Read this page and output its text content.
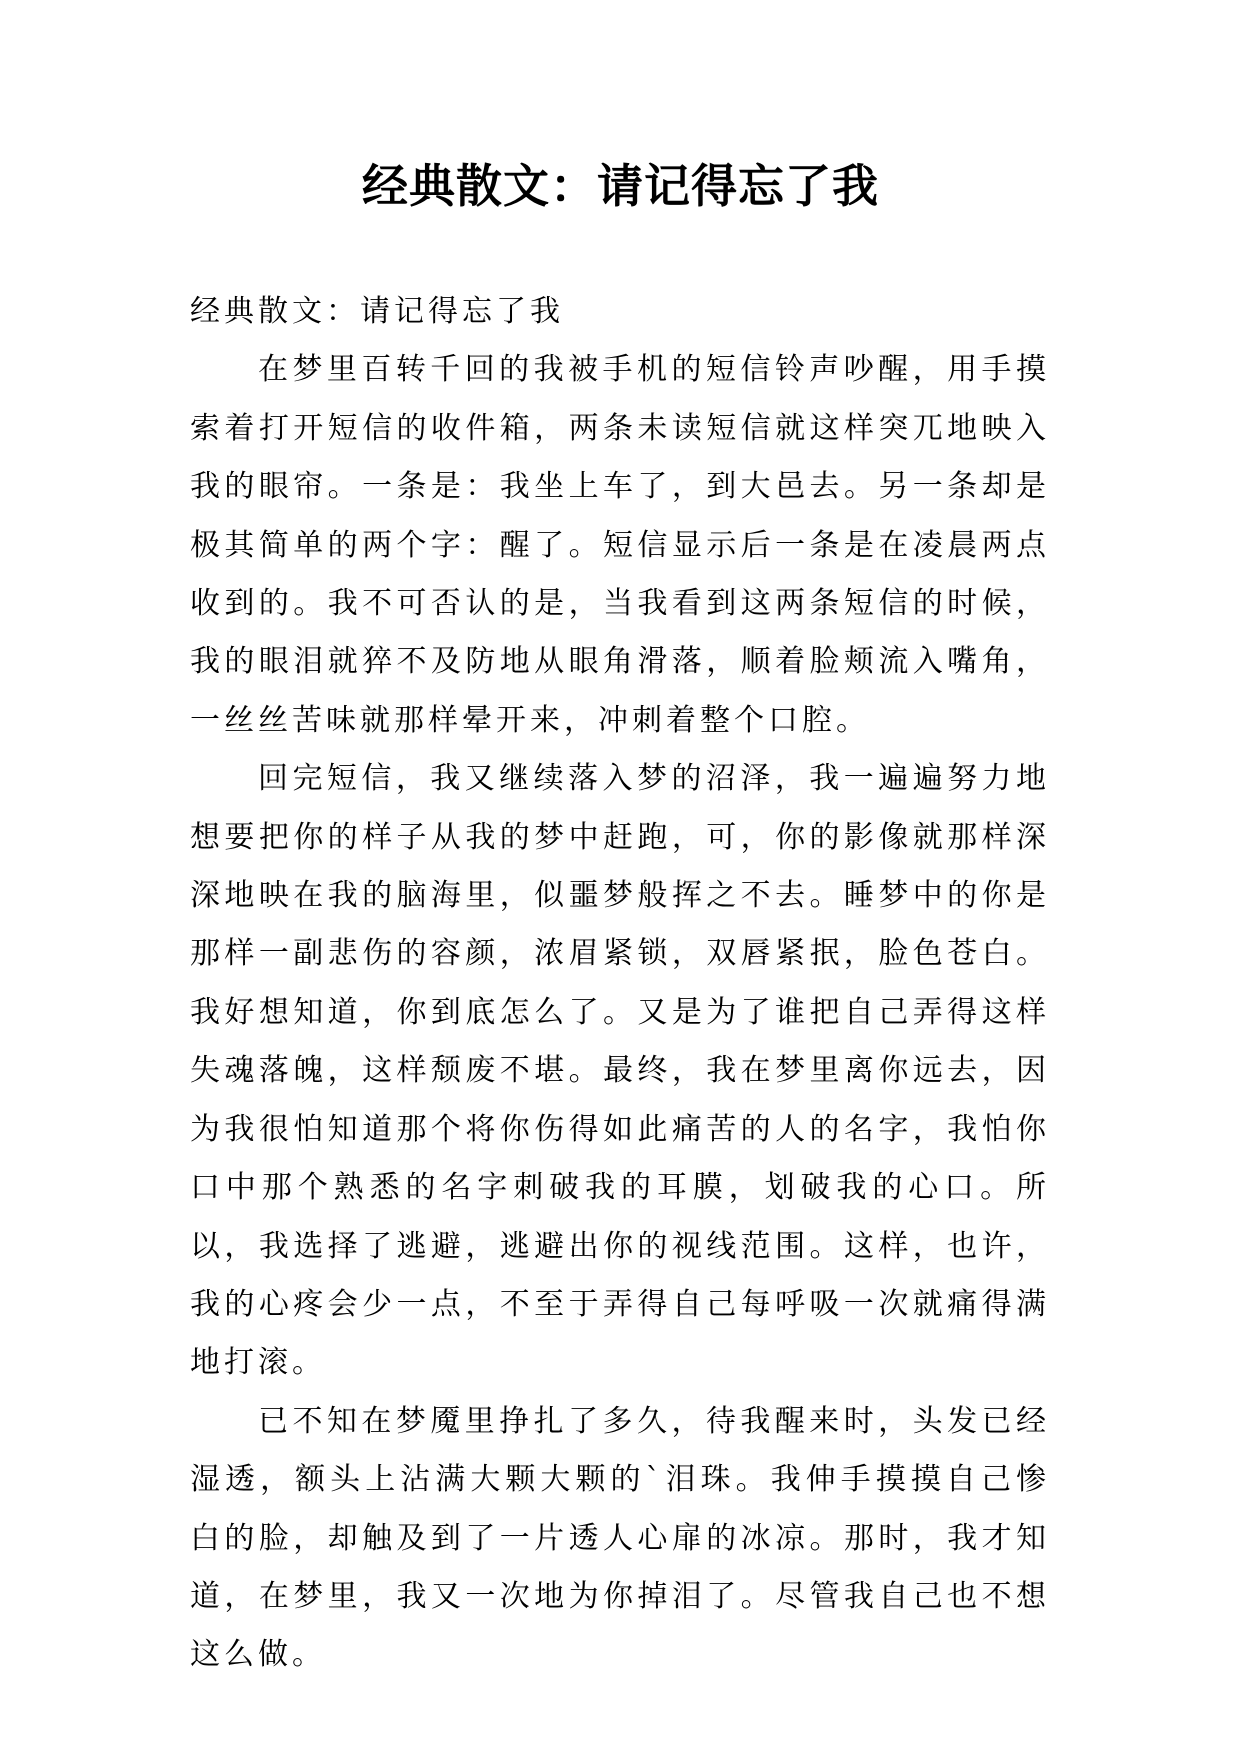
经典散文：请记得忘了我

经典散文：请记得忘了我

在梦里百转千回的我被手机的短信铃声吵醒，用手摸索着打开短信的收件箱，两条未读短信就这样突兀地映入我的眼帘。一条是：我坐上车了，到大邑去。另一条却是极其简单的两个字：醒了。短信显示后一条是在凌晨两点收到的。我不可否认的是，当我看到这两条短信的时候，我的眼泪就猝不及防地从眼角滑落，顺着脸颊流入嘴角，一丝丝苦味就那样晕开来，冲刺着整个口腔。

回完短信，我又继续落入梦的沼泽，我一遍遍努力地想要把你的样子从我的梦中赶跑，可，你的影像就那样深深地映在我的脑海里，似噩梦般挥之不去。睡梦中的你是那样一副悲伤的容颜，浓眉紧锁，双唇紧抿，脸色苍白。我好想知道，你到底怎么了。又是为了谁把自己弄得这样失魂落魄，这样颓废不堪。最终，我在梦里离你远去，因为我很怕知道那个将你伤得如此痛苦的人的名字，我怕你口中那个熟悉的名字刺破我的耳膜，划破我的心口。所以，我选择了逃避，逃避出你的视线范围。这样，也许，我的心疼会少一点，不至于弄得自己每呼吸一次就痛得满地打滚。

已不知在梦魇里挣扎了多久，待我醒来时，头发已经湿透，额头上沾满大颗大颗的`泪珠。我伸手摸摸自己惨白的脸，却触及到了一片透人心扉的冰凉。那时，我才知道，在梦里，我又一次地为你掉泪了。尽管我自己也不想这么做。
